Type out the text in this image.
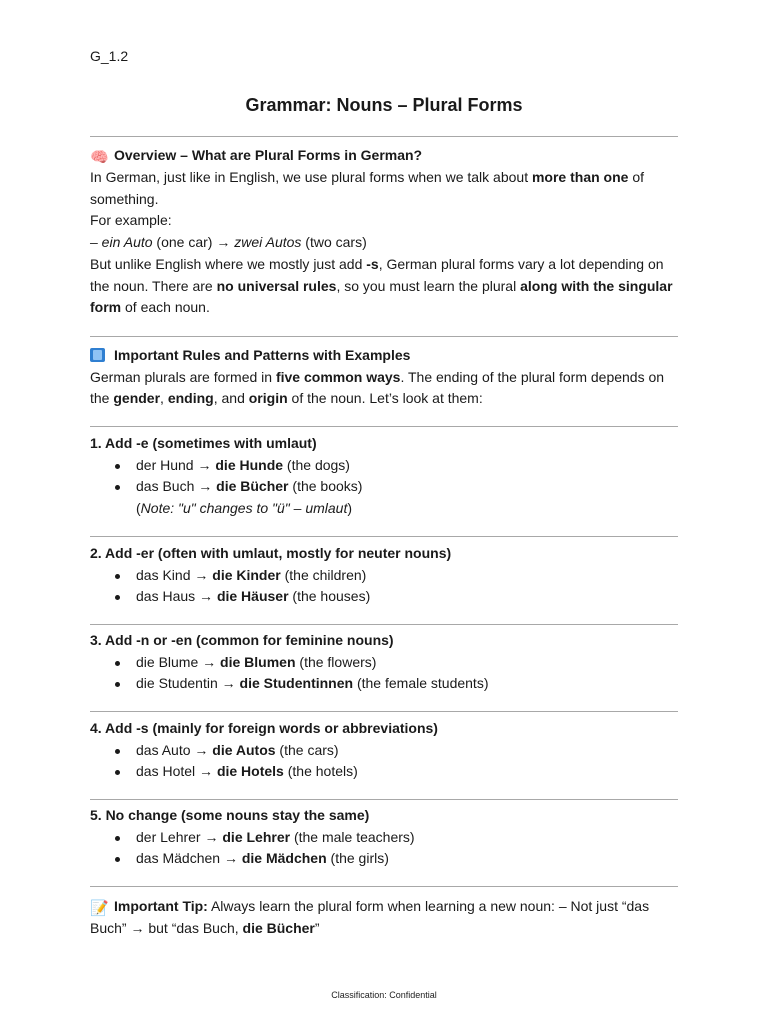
G_1.2
Grammar: Nouns – Plural Forms

🧠 Overview – What are Plural Forms in German?

In German, just like in English, we use plural forms when we talk about more than one of something.

For example:

– ein Auto (one car) → zwei Autos (two cars)

But unlike English where we mostly just add -s, German plural forms vary a lot depending on the noun. There are no universal rules, so you must learn the plural along with the singular form of each noun.

Important Rules and Patterns with Examples

German plurals are formed in five common ways. The ending of the plural form depends on the gender, ending, and origin of the noun. Let’s look at them:

1. Add -e (sometimes with umlaut)

der Hund → die Hunde (the dogs)
das Buch → die Bücher (the books)

(Note: "u" changes to "ü" – umlaut)

2. Add -er (often with umlaut, mostly for neuter nouns)

das Kind → die Kinder (the children)
das Haus → die Häuser (the houses)

3. Add -n or -en (common for feminine nouns)

die Blume → die Blumen (the flowers)
die Studentin → die Studentinnen (the female students)

4. Add -s (mainly for foreign words or abbreviations)

das Auto → die Autos (the cars)
das Hotel → die Hotels (the hotels)

5. No change (some nouns stay the same)

der Lehrer → die Lehrer (the male teachers)
das Mädchen → die Mädchen (the girls)

📝 Important Tip: Always learn the plural form when learning a new noun: – Not just “das Buch” → but “das Buch, die Bücher”

Classification: Confidential
